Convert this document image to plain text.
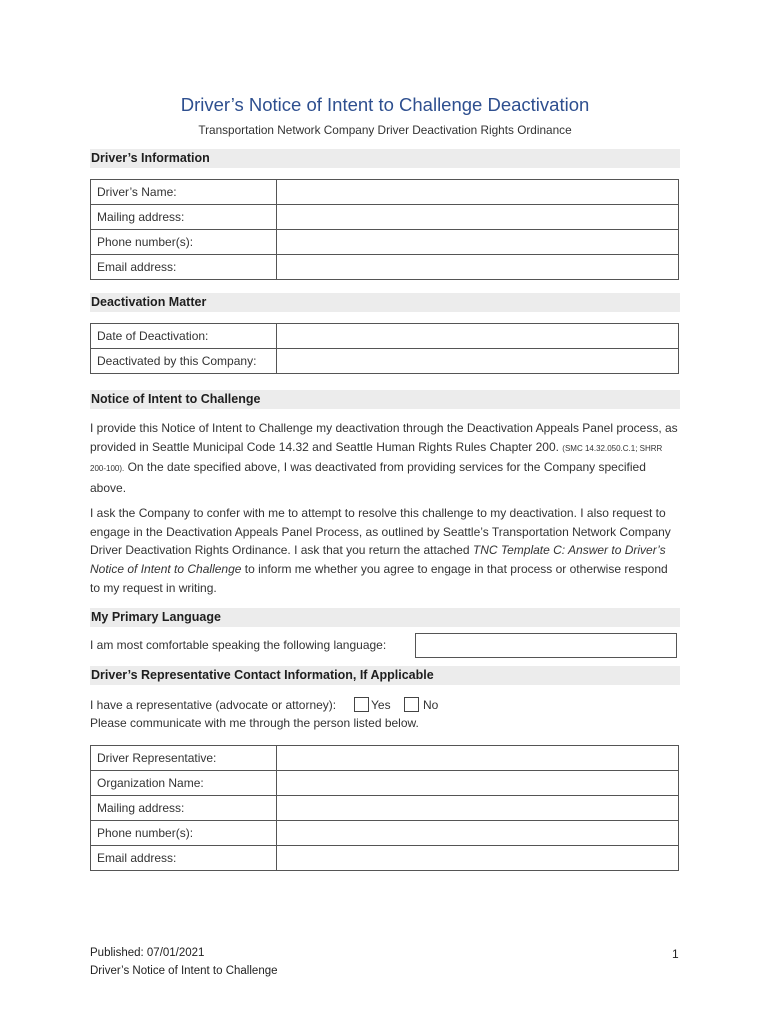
Driver’s Notice of Intent to Challenge Deactivation
Transportation Network Company Driver Deactivation Rights Ordinance
Driver’s Information
Driver’s Name:	
Mailing address:	
Phone number(s):	
Email address:	
Deactivation Matter
Date of Deactivation:	
Deactivated by this Company:	
Notice of Intent to Challenge
I provide this Notice of Intent to Challenge my deactivation through the Deactivation Appeals Panel process, as provided in Seattle Municipal Code 14.32 and Seattle Human Rights Rules Chapter 200. (SMC 14.32.050.C.1; SHRR 200-100). On the date specified above, I was deactivated from providing services for the Company specified above.
I ask the Company to confer with me to attempt to resolve this challenge to my deactivation. I also request to engage in the Deactivation Appeals Panel Process, as outlined by Seattle’s Transportation Network Company Driver Deactivation Rights Ordinance. I ask that you return the attached TNC Template C: Answer to Driver’s Notice of Intent to Challenge to inform me whether you agree to engage in that process or otherwise respond to my request in writing.
My Primary Language
I am most comfortable speaking the following language:
Driver’s Representative Contact Information, If Applicable
I have a representative (advocate or attorney):	Yes	No
Please communicate with me through the person listed below.
Driver Representative:	
Organization Name:	
Mailing address:	
Phone number(s):	
Email address:	
Published: 07/01/2021
Driver’s Notice of Intent to Challenge
1
